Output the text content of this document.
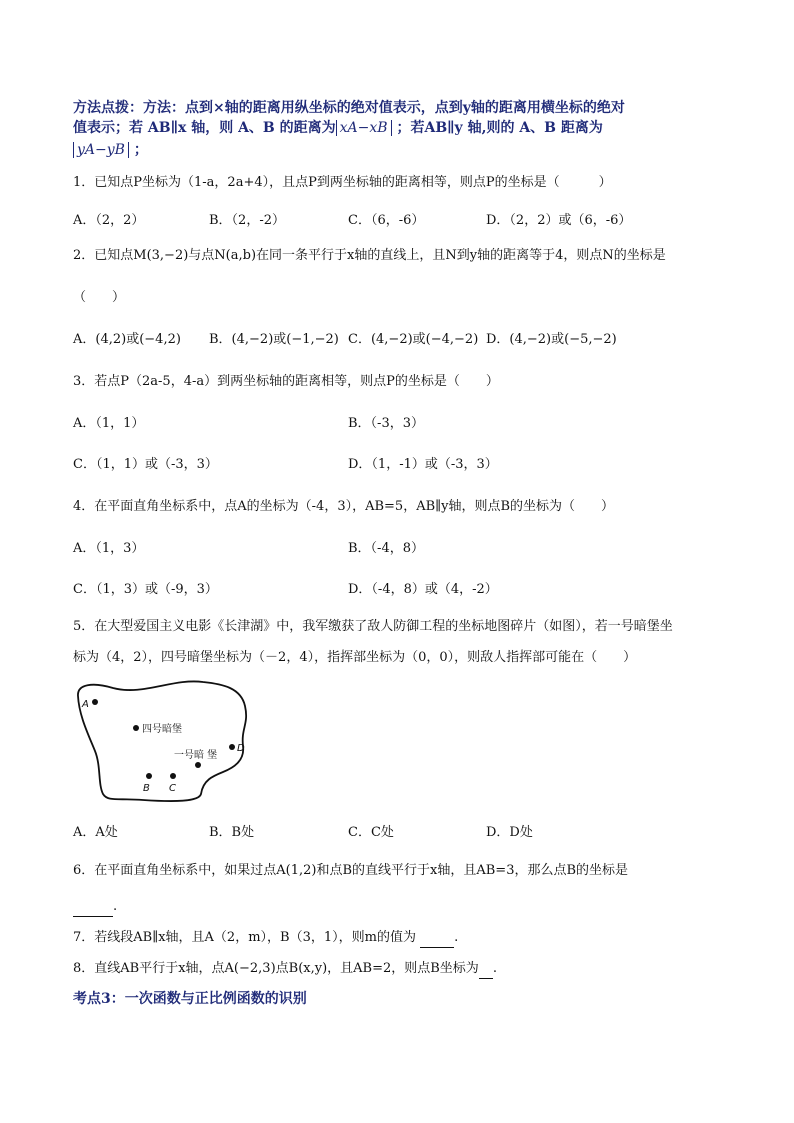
方法点拨：方法：点到×轴的距离用纵坐标的绝对值表示，点到y轴的距离用横坐标的绝对
值表示；若 AB∥x 轴，则 A、B 的距离为 xA−xB ；若AB∥y 轴,则的 A、B 距离为
yA−yB ；
1．已知点P坐标为（1-a，2a+4），且点P到两坐标轴的距离相等，则点P的坐标是（　　　）
A．（2，2）	B．（2，-2）	C．（6，-6）	D．（2，2）或（6，-6）
2．已知点M(3,−2)与点N(a,b)在同一条平行于x轴的直线上，且N到y轴的距离等于4，则点N的坐标是
（　　）
A．(4,2)或(−4,2) B．(4,−2)或(−1,−2) C．(4,−2)或(−4,−2) D．(4,−2)或(−5,−2)
3．若点P（2a-5，4-a）到两坐标轴的距离相等，则点P的坐标是（　　）
A．（1，1）	B．（-3，3）
C．（1，1）或（-3，3）	D．（1，-1）或（-3，3）
4．在平面直角坐标系中，点A的坐标为（-4，3），AB=5，AB∥y轴，则点B的坐标为（　　）
A．（1，3）	B．（-4，8）
C．（1，3）或（-9，3）	D．（-4，8）或（4，-2）
5．在大型爱国主义电影《长津湖》中，我军缴获了敌人防御工程的坐标地图碎片（如图），若一号暗堡坐
标为（4，2），四号暗堡坐标为（－2，4），指挥部坐标为（0，0），则敌人指挥部可能在（　　）
A
四号暗堡
一号暗 堡
D
B C
A．A处	B．B处	C．C处	D．D处
6．在平面直角坐标系中，如果过点A(1,2)和点B的直线平行于x轴，且AB=3，那么点B的坐标是
.
7．若线段AB∥x轴，且A（2，m），B（3，1），则m的值为	.
8．直线AB平行于x轴，点A(−2,3)点B(x,y)，且AB=2，则点B坐标为 .
考点3：一次函数与正比例函数的识别
